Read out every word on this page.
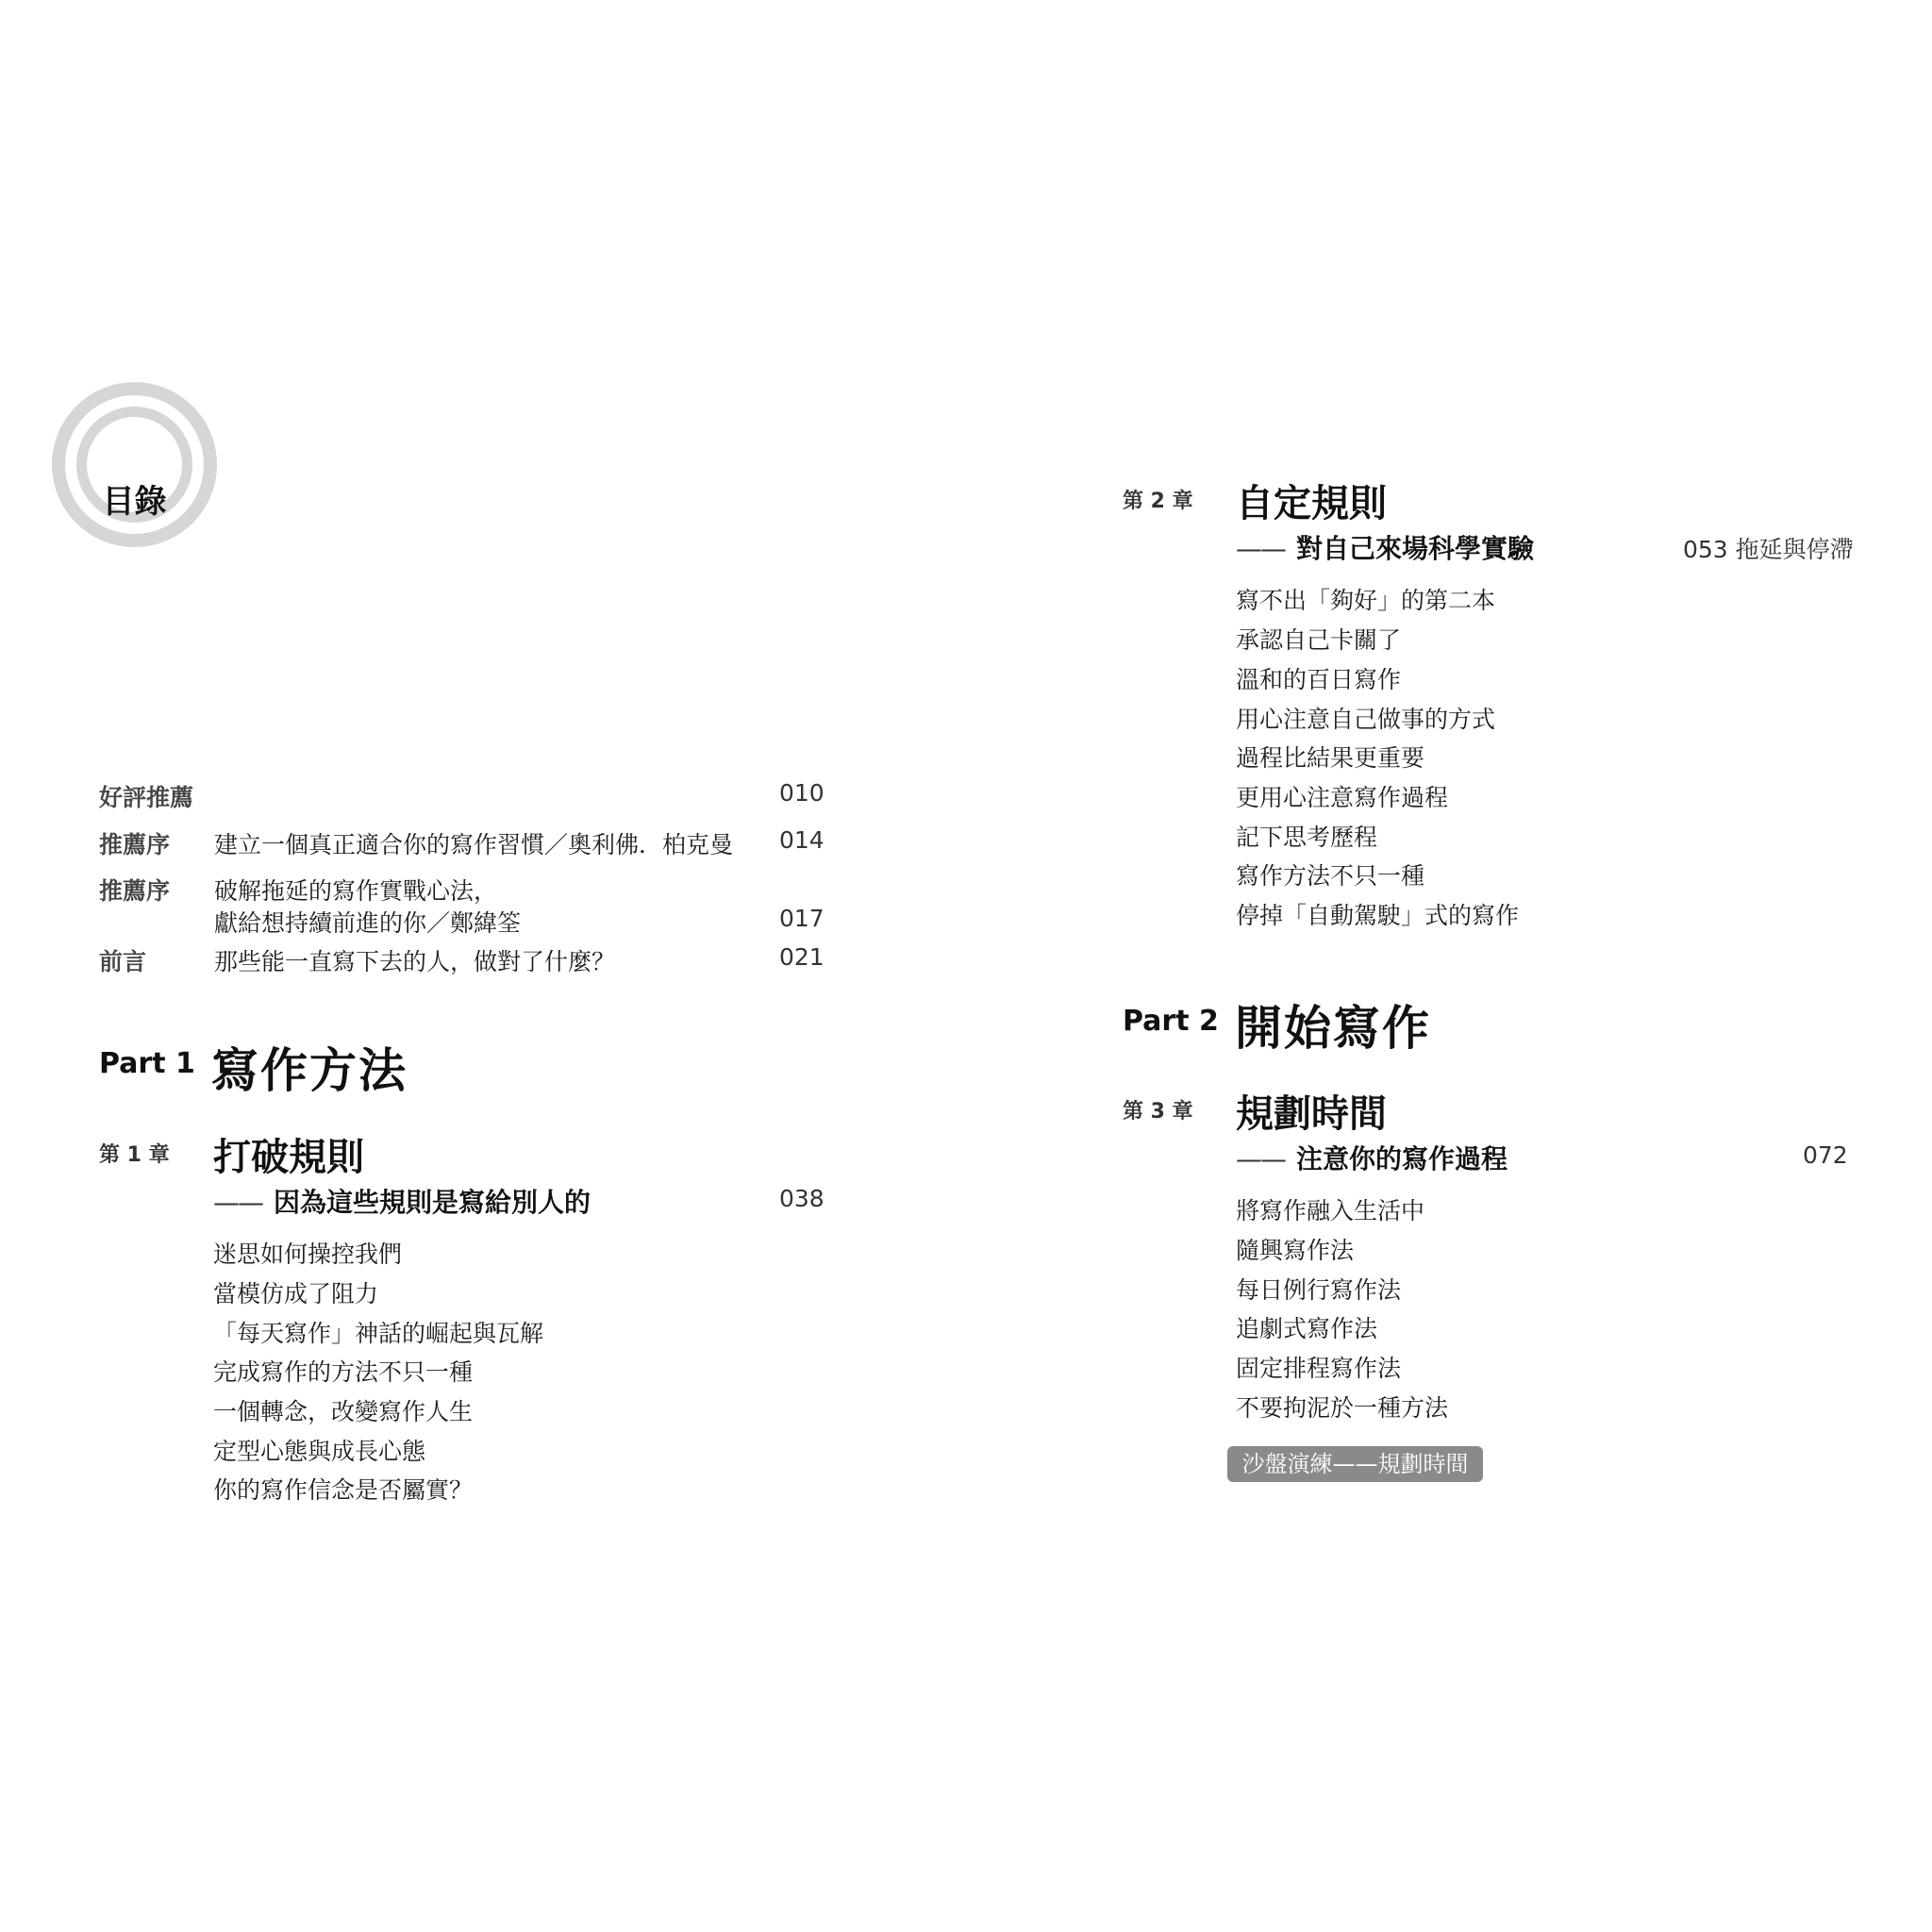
目錄
好評推薦	010
推薦序 建立一個真正適合你的寫作習慣／奧利佛．柏克曼 014
推薦序 破解拖延的寫作實戰心法，
獻給想持續前進的你／鄭緯筌	017
前言	那些能一直寫下去的人，做對了什麼？	021
Part 1 寫作方法
第 1 章 打破規則
—— 因為這些規則是寫給別人的	038
迷思如何操控我們
當模仿成了阻力
「每天寫作」神話的崛起與瓦解
完成寫作的方法不只一種
一個轉念，改變寫作人生
定型心態與成長心態
你的寫作信念是否屬實？
第 2 章 自定規則
—— 對自己來場科學實驗	053 拖延與停滯
寫不出「夠好」的第二本
承認自己卡關了
溫和的百日寫作
用心注意自己做事的方式
過程比結果更重要
更用心注意寫作過程
記下思考歷程
寫作方法不只一種
停掉「自動駕駛」式的寫作
Part 2 開始寫作
第 3 章 規劃時間
—— 注意你的寫作過程	072
將寫作融入生活中
隨興寫作法
每日例行寫作法
追劇式寫作法
固定排程寫作法
不要拘泥於一種方法
沙盤演練——規劃時間
